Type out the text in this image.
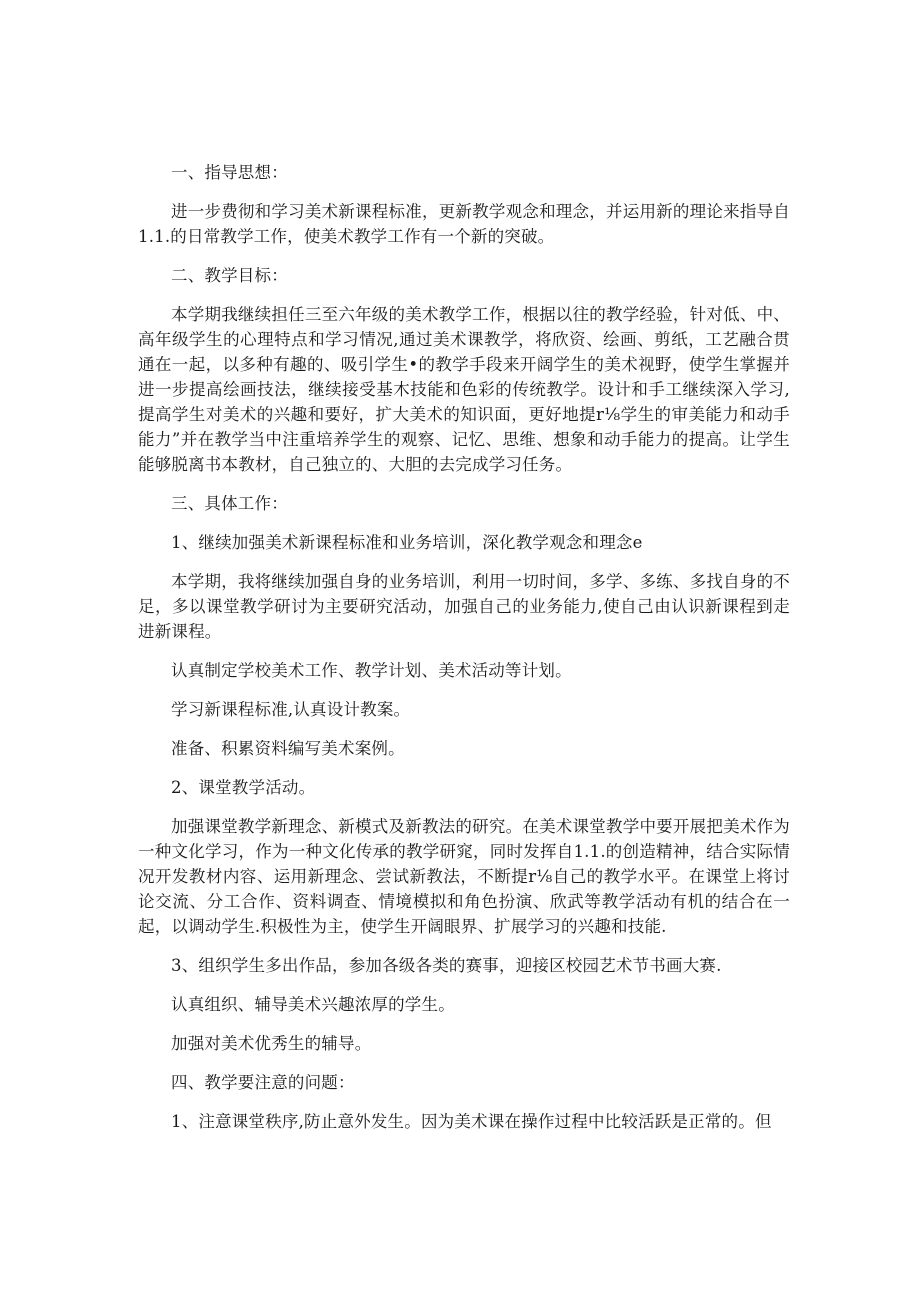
一、指导思想：

进一步费彻和学习美术新课程标准，更新教学观念和理念，并运用新的理论来指导自1.1.的日常教学工作，使美术教学工作有一个新的突破。

二、教学目标：

本学期我继续担任三至六年级的美术教学工作，根据以往的教学经验，针对低、中、高年级学生的心理特点和学习情况,通过美术课教学，将欣资、绘画、剪纸，工艺融合贯通在一起，以多种有趣的、吸引学生•的教学手段来开阔学生的美术视野，使学生掌握并进一步提高绘画技法，继续接受基木技能和色彩的传统教学。设计和手工继续深入学习,提高学生对美术的兴趣和要好，扩大美术的知识面，更好地提r⅛学生的审美能力和动手能力”并在教学当中注重培养学生的观察、记忆、思维、想象和动手能力的提高。让学生能够脱离书本教材，自己独立的、大胆的去完成学习任务。

三、具体工作：

1、继续加强美术新课程标准和业务培训，深化教学观念和理念e

本学期，我将继续加强自身的业务培训，利用一切时间，多学、多练、多找自身的不足，多以课堂教学研讨为主要研究活动，加强自己的业务能力,使自己由认识新课程到走进新课程。

认真制定学校美术工作、教学计划、美术活动等计划。

学习新课程标准,认真设计教案。

准备、积累资料编写美术案例。

2、课堂教学活动。

加强课堂教学新理念、新模式及新教法的研究。在美术课堂教学中要开展把美术作为一种文化学习，作为一种文化传承的教学研窕，同时发挥自1.1.的创造精神，结合实际情况开发教材内容、运用新理念、尝试新教法，不断提r⅛自己的教学水平。在课堂上将讨论交流、分工合作、资料调查、情境模拟和角色扮演、欣武等教学活动有机的结合在一起，以调动学生.积极性为主，使学生开阔眼界、扩展学习的兴趣和技能.

3、组织学生多出作品，参加各级各类的赛事，迎接区校园艺术节书画大赛.

认真组织、辅导美术兴趣浓厚的学生。

加强对美术优秀生的辅导。

四、教学要注意的问题：

1、注意课堂秩序,防止意外发生。因为美术课在操作过程中比较活跃是正常的。但
